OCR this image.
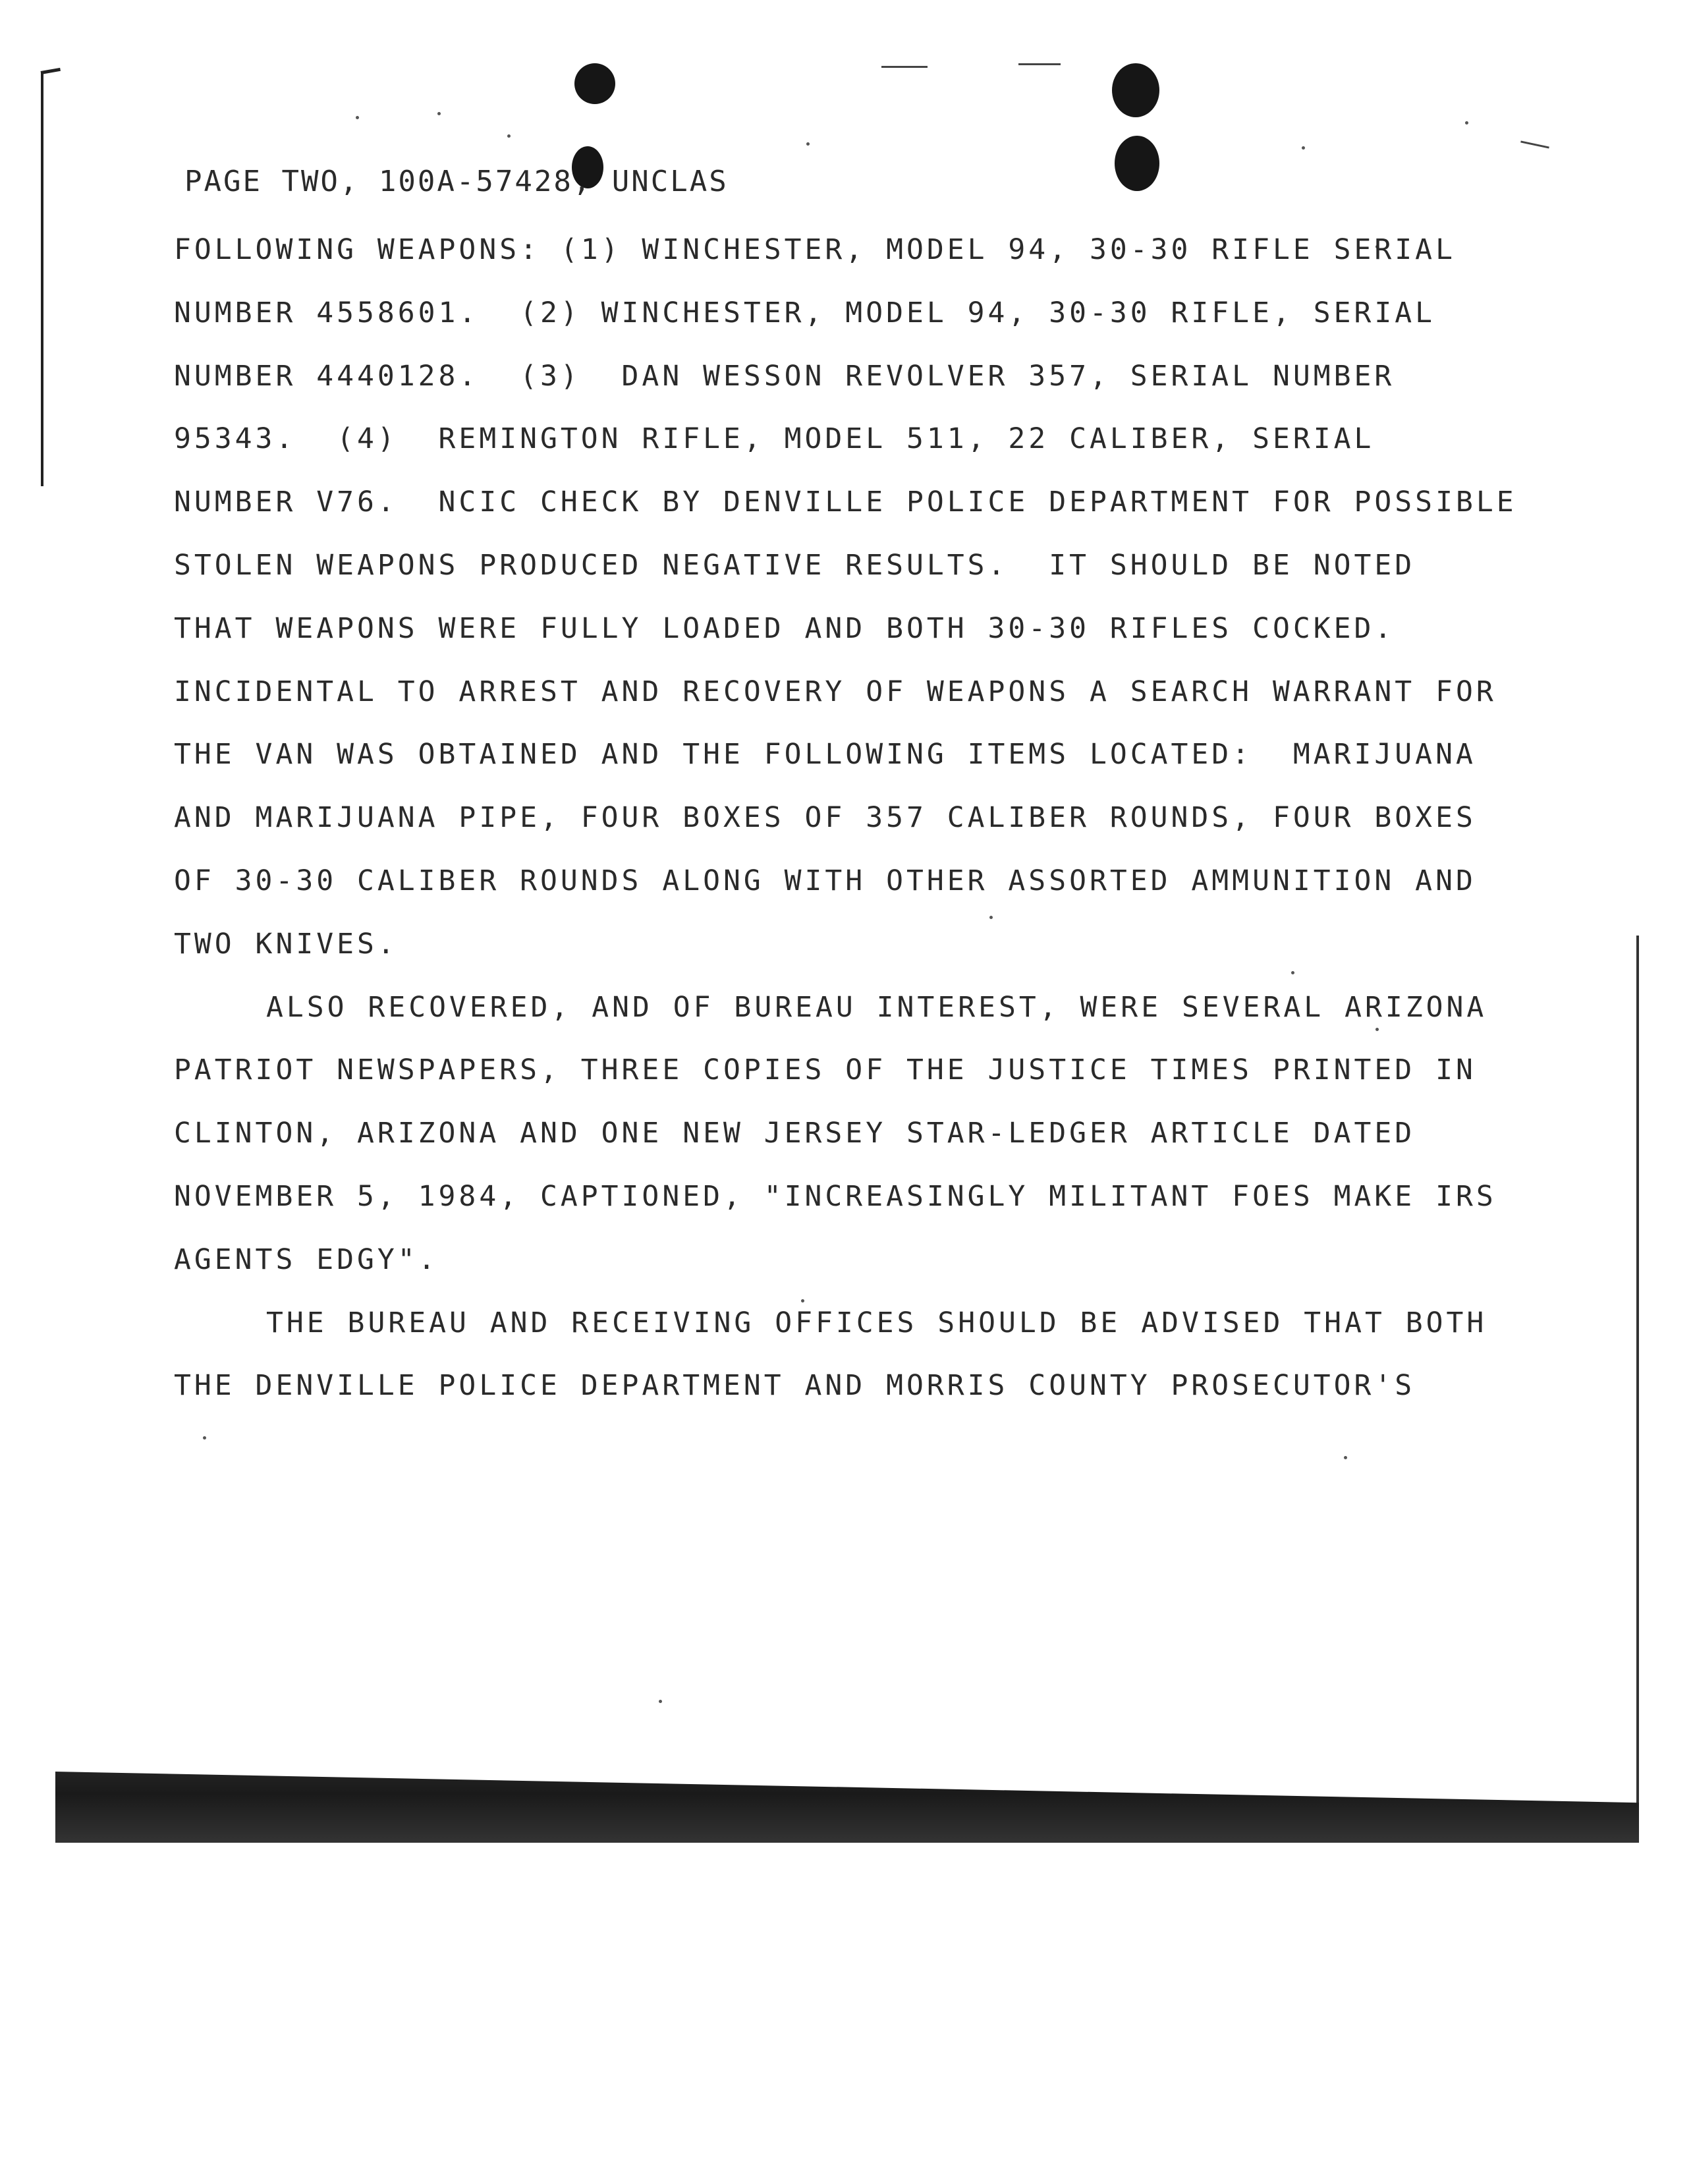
PAGE TWO, 100A-57428, UNCLAS

FOLLOWING WEAPONS: (1) WINCHESTER, MODEL 94, 30-30 RIFLE SERIAL

NUMBER 4558601.  (2) WINCHESTER, MODEL 94, 30-30 RIFLE, SERIAL

NUMBER 4440128.  (3)  DAN WESSON REVOLVER 357, SERIAL NUMBER

95343.  (4)  REMINGTON RIFLE, MODEL 511, 22 CALIBER, SERIAL

NUMBER V76.  NCIC CHECK BY DENVILLE POLICE DEPARTMENT FOR POSSIBLE

STOLEN WEAPONS PRODUCED NEGATIVE RESULTS.  IT SHOULD BE NOTED

THAT WEAPONS WERE FULLY LOADED AND BOTH 30-30 RIFLES COCKED.

INCIDENTAL TO ARREST AND RECOVERY OF WEAPONS A SEARCH WARRANT FOR

THE VAN WAS OBTAINED AND THE FOLLOWING ITEMS LOCATED:  MARIJUANA

AND MARIJUANA PIPE, FOUR BOXES OF 357 CALIBER ROUNDS, FOUR BOXES

OF 30-30 CALIBER ROUNDS ALONG WITH OTHER ASSORTED AMMUNITION AND

TWO KNIVES.

ALSO RECOVERED, AND OF BUREAU INTEREST, WERE SEVERAL ARIZONA

PATRIOT NEWSPAPERS, THREE COPIES OF THE JUSTICE TIMES PRINTED IN

CLINTON, ARIZONA AND ONE NEW JERSEY STAR-LEDGER ARTICLE DATED

NOVEMBER 5, 1984, CAPTIONED, "INCREASINGLY MILITANT FOES MAKE IRS

AGENTS EDGY".

THE BUREAU AND RECEIVING OFFICES SHOULD BE ADVISED THAT BOTH

THE DENVILLE POLICE DEPARTMENT AND MORRIS COUNTY PROSECUTOR'S
